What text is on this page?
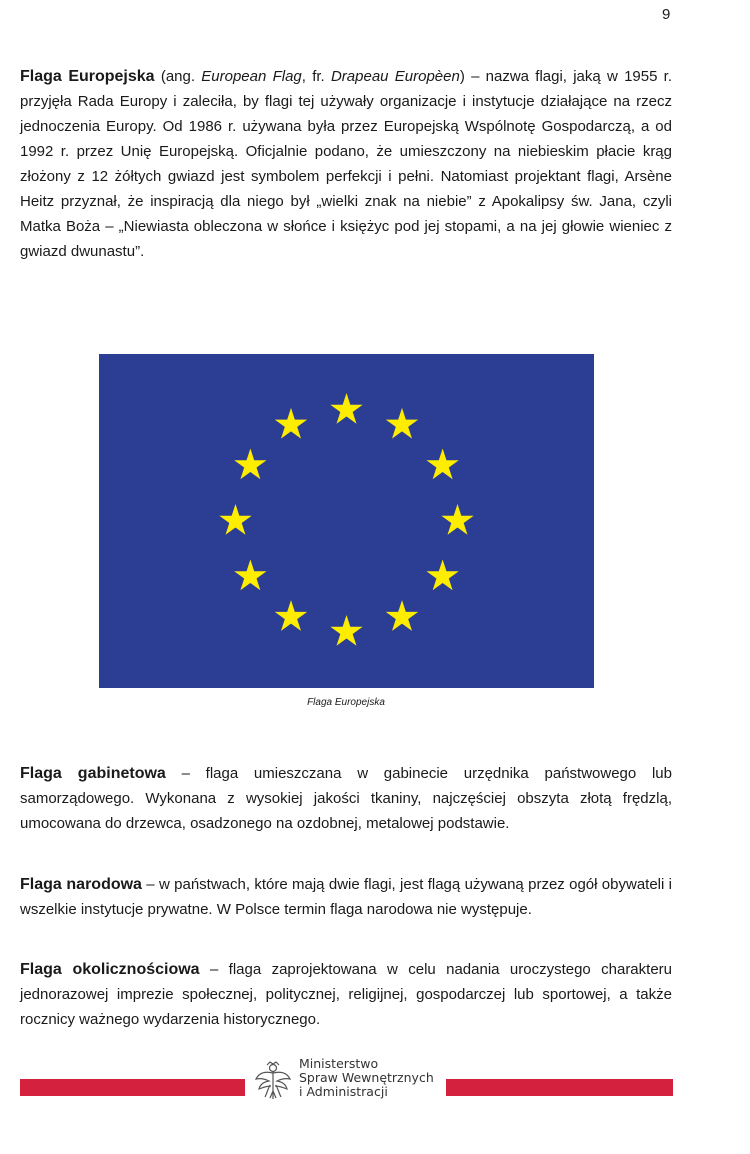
9

Flaga Europejska (ang. European Flag, fr. Drapeau Europèen) – nazwa flagi, jaką w 1955 r. przyjęła Rada Europy i zaleciła, by flagi tej używały organizacje i instytucje działające na rzecz jednoczenia Europy. Od 1986 r. używana była przez Europejską Wspólnotę Gospodarczą, a od 1992 r. przez Unię Europejską. Oficjalnie podano, że umieszczony na niebieskim płacie krąg złożony z 12 żółtych gwiazd jest symbolem perfekcji i pełni. Natomiast projektant flagi, Arsène Heitz przyznał, że inspiracją dla niego był „wielki znak na niebie” z Apokalipsy św. Jana, czyli Matka Boża – „Niewiasta obleczona w słońce i księżyc pod jej stopami, a na jej głowie wieniec z gwiazd dwunastu”.

Flaga Europejska

Flaga gabinetowa – flaga umieszczana w gabinecie urzędnika państwowego lub samorządowego. Wykonana z wysokiej jakości tkaniny, najczęściej obszyta złotą frędzlą, umocowana do drzewca, osadzonego na ozdobnej, metalowej podstawie.

Flaga narodowa – w państwach, które mają dwie flagi, jest flagą używaną przez ogół obywateli i wszelkie instytucje prywatne. W Polsce termin flaga narodowa nie występuje.

Flaga okolicznościowa – flaga zaprojektowana w celu nadania uroczystego charakteru jednorazowej imprezie społecznej, politycznej, religijnej, gospodarczej lub sportowej, a także rocznicy ważnego wydarzenia historycznego.

Ministerstwo
Spraw Wewnętrznych
i Administracji
